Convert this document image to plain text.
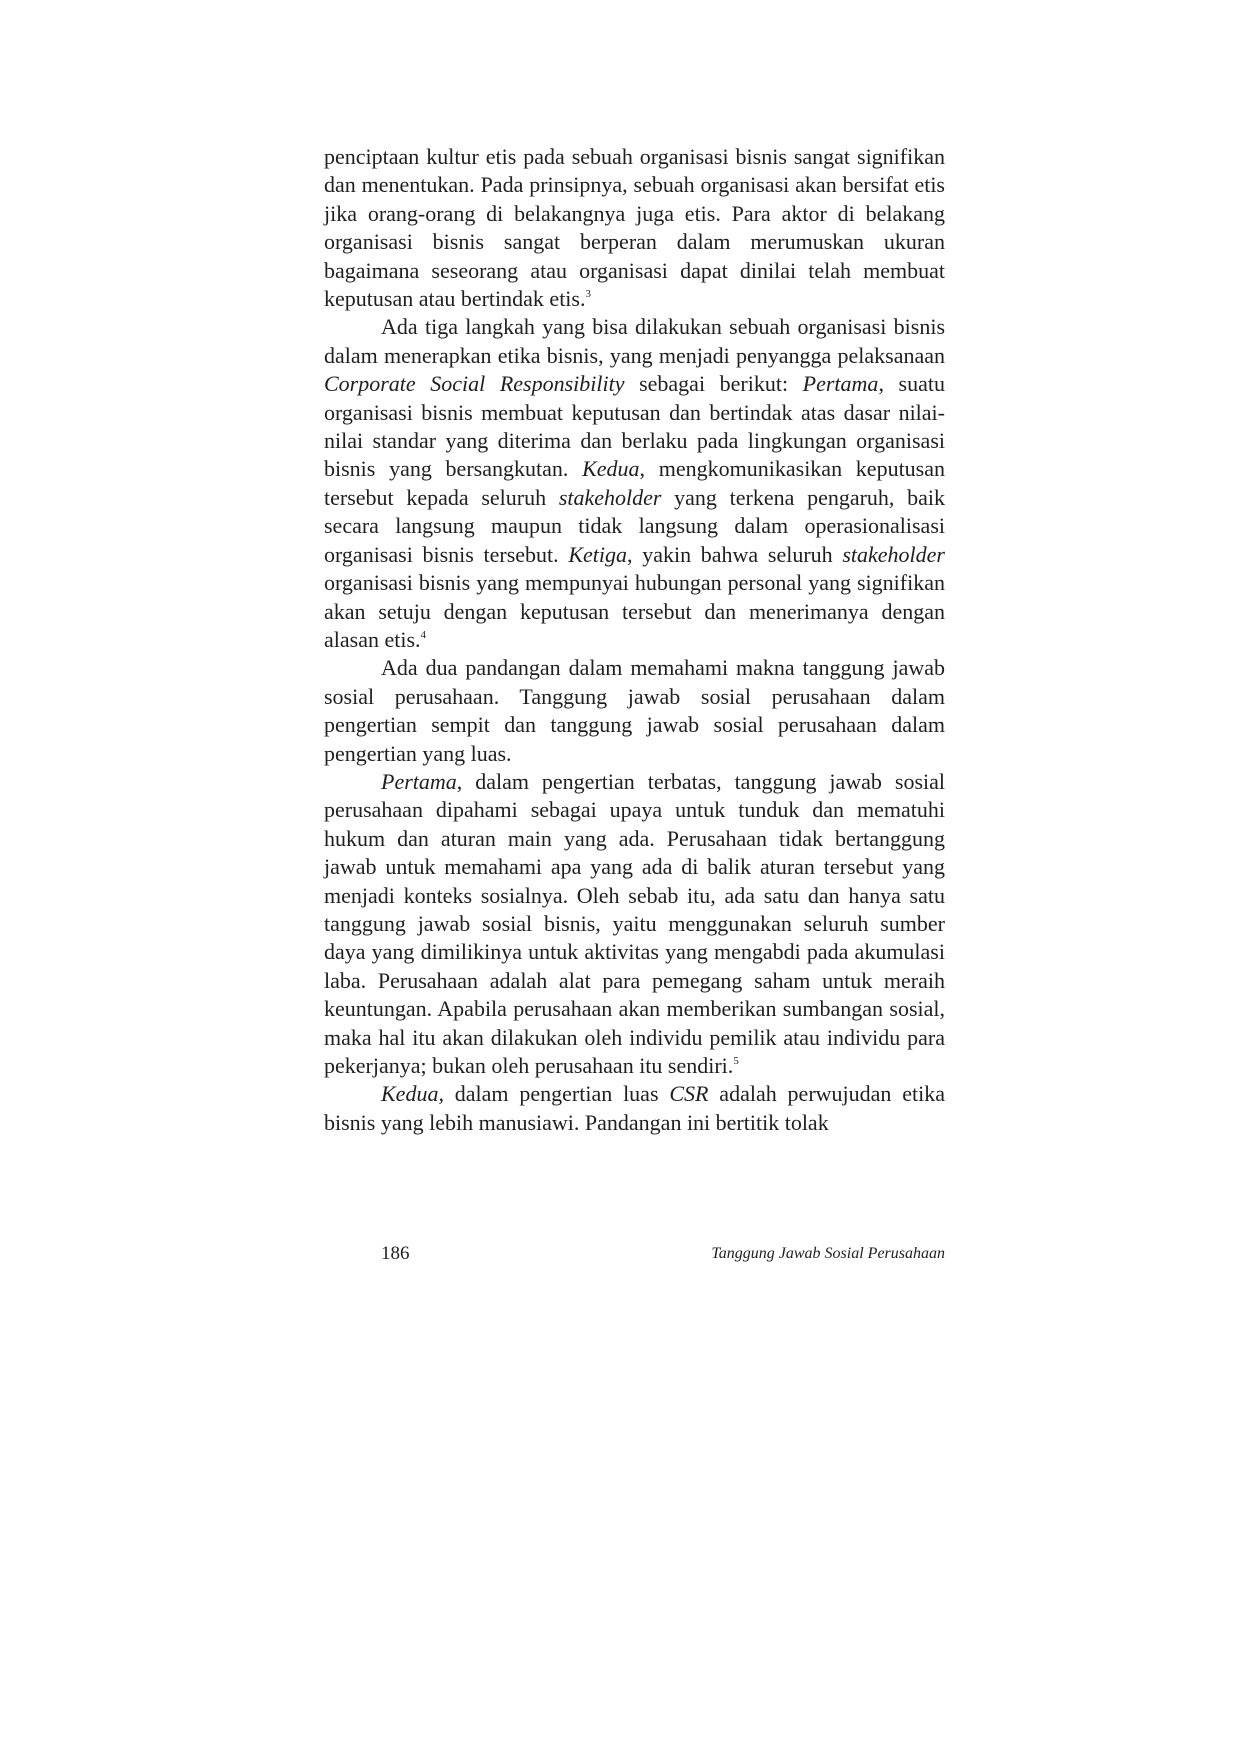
penciptaan kultur etis pada sebuah organisasi bisnis sangat signifikan dan menentukan. Pada prinsipnya, sebuah organisasi akan bersifat etis jika orang-orang di belakangnya juga etis. Para aktor di belakang organisasi bisnis sangat berperan dalam merumuskan ukuran bagaimana seseorang atau organisasi dapat dinilai telah membuat keputusan atau bertindak etis.$^3$

Ada tiga langkah yang bisa dilakukan sebuah organisasi bisnis dalam menerapkan etika bisnis, yang menjadi penyangga pelaksanaan Corporate Social Responsibility sebagai berikut: Pertama, suatu organisasi bisnis membuat keputusan dan bertindak atas dasar nilai-nilai standar yang diterima dan berlaku pada lingkungan organisasi bisnis yang bersangkutan. Kedua, mengkomunikasikan keputusan tersebut kepada seluruh stakeholder yang terkena pengaruh, baik secara langsung maupun tidak langsung dalam operasionalisasi organisasi bisnis tersebut. Ketiga, yakin bahwa seluruh stakeholder organisasi bisnis yang mempunyai hubungan personal yang signifikan akan setuju dengan keputusan tersebut dan menerimanya dengan alasan etis.$^4$

Ada dua pandangan dalam memahami makna tanggung jawab sosial perusahaan. Tanggung jawab sosial perusahaan dalam pengertian sempit dan tanggung jawab sosial perusahaan dalam pengertian yang luas.

Pertama, dalam pengertian terbatas, tanggung jawab sosial perusahaan dipahami sebagai upaya untuk tunduk dan mematuhi hukum dan aturan main yang ada. Perusahaan tidak bertanggung jawab untuk memahami apa yang ada di balik aturan tersebut yang menjadi konteks sosialnya. Oleh sebab itu, ada satu dan hanya satu tanggung jawab sosial bisnis, yaitu menggunakan seluruh sumber daya yang dimilikinya untuk aktivitas yang mengabdi pada akumulasi laba. Perusahaan adalah alat para pemegang saham untuk meraih keuntungan. Apabila perusahaan akan memberikan sumbangan sosial, maka hal itu akan dilakukan oleh individu pemilik atau individu para pekerjanya; bukan oleh perusahaan itu sendiri.$^5$

Kedua, dalam pengertian luas CSR adalah perwujudan etika bisnis yang lebih manusiawi. Pandangan ini bertitik tolak

186	Tanggung Jawab Sosial Perusahaan
